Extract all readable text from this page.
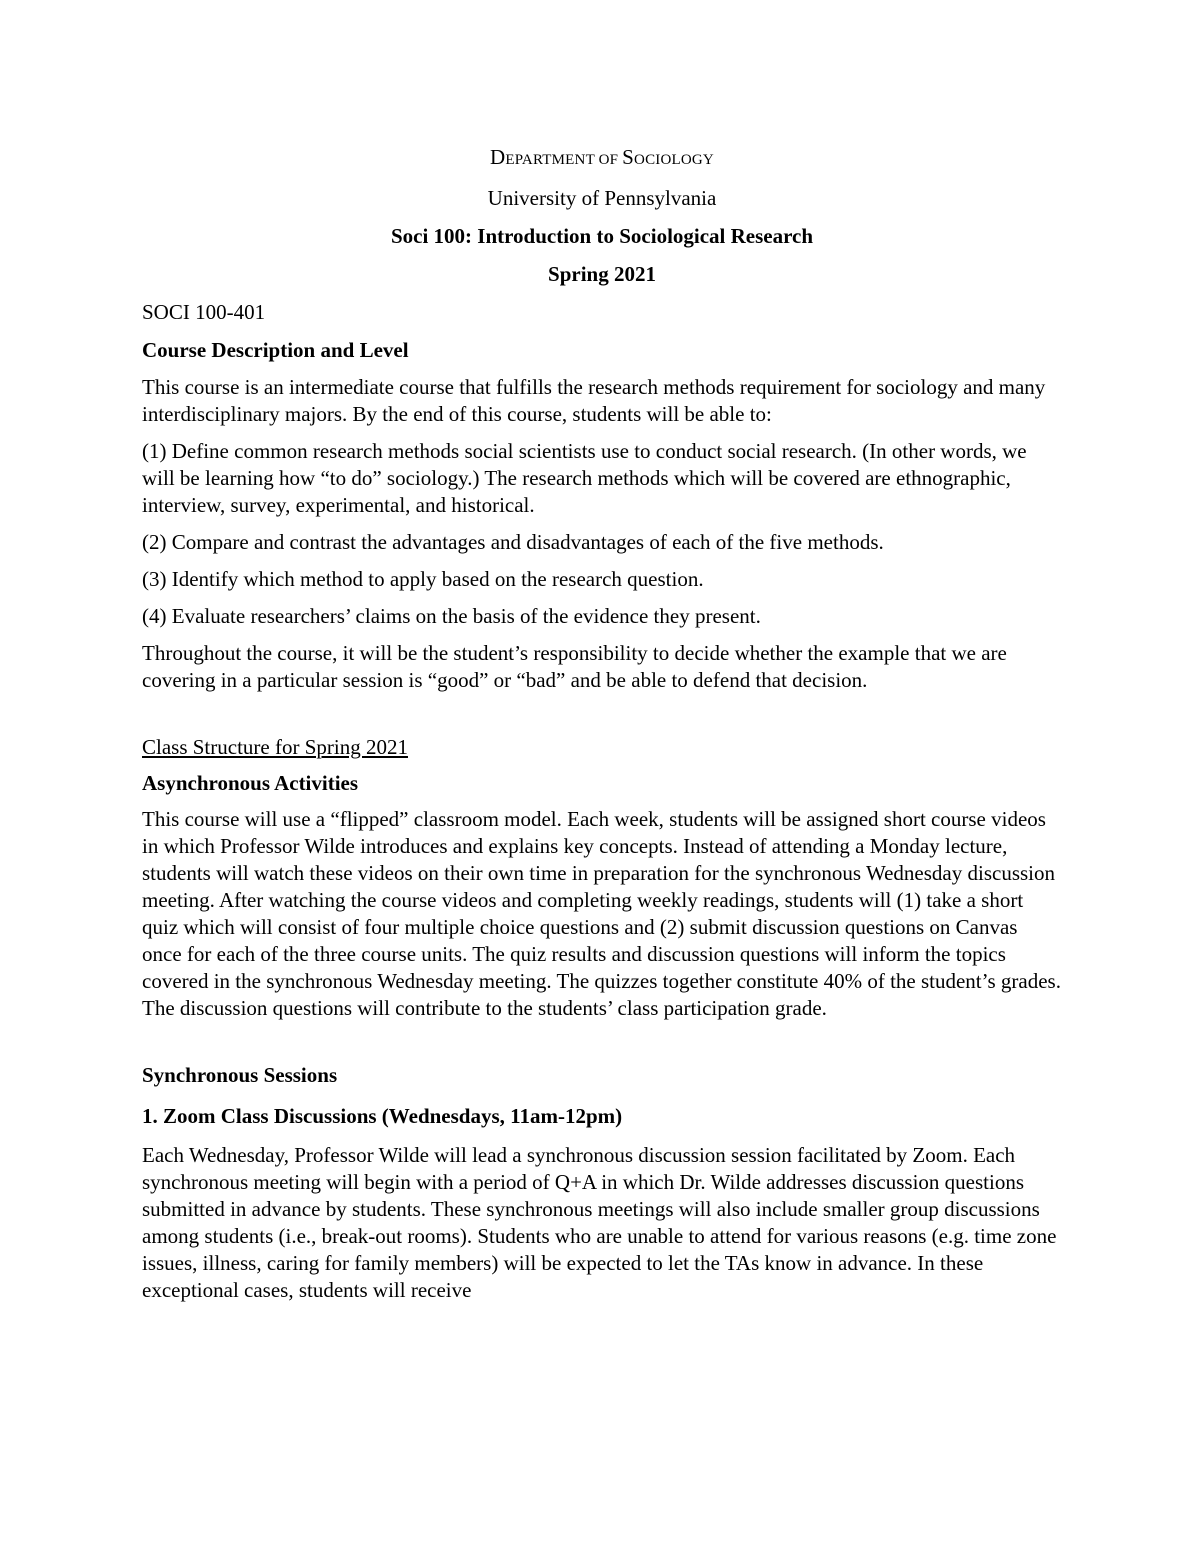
DEPARTMENT OF SOCIOLOGY
University of Pennsylvania
Soci 100: Introduction to Sociological Research
Spring 2021
SOCI 100-401
Course Description and Level

This course is an intermediate course that fulfills the research methods requirement for sociology and many interdisciplinary majors. By the end of this course, students will be able to:

(1) Define common research methods social scientists use to conduct social research. (In other words, we will be learning how “to do” sociology.) The research methods which will be covered are ethnographic, interview, survey, experimental, and historical.

(2) Compare and contrast the advantages and disadvantages of each of the five methods.

(3) Identify which method to apply based on the research question.

(4) Evaluate researchers’ claims on the basis of the evidence they present.

Throughout the course, it will be the student’s responsibility to decide whether the example that we are covering in a particular session is “good” or “bad” and be able to defend that decision.

Class Structure for Spring 2021

Asynchronous Activities

This course will use a “flipped” classroom model. Each week, students will be assigned short course videos in which Professor Wilde introduces and explains key concepts. Instead of attending a Monday lecture, students will watch these videos on their own time in preparation for the synchronous Wednesday discussion meeting. After watching the course videos and completing weekly readings, students will (1) take a short quiz which will consist of four multiple choice questions and (2) submit discussion questions on Canvas once for each of the three course units. The quiz results and discussion questions will inform the topics covered in the synchronous Wednesday meeting. The quizzes together constitute 40% of the student’s grades. The discussion questions will contribute to the students’ class participation grade.

Synchronous Sessions
1. Zoom Class Discussions (Wednesdays, 11am-12pm)

Each Wednesday, Professor Wilde will lead a synchronous discussion session facilitated by Zoom. Each synchronous meeting will begin with a period of Q+A in which Dr. Wilde addresses discussion questions submitted in advance by students. These synchronous meetings will also include smaller group discussions among students (i.e., break-out rooms). Students who are unable to attend for various reasons (e.g. time zone issues, illness, caring for family members) will be expected to let the TAs know in advance. In these exceptional cases, students will receive
